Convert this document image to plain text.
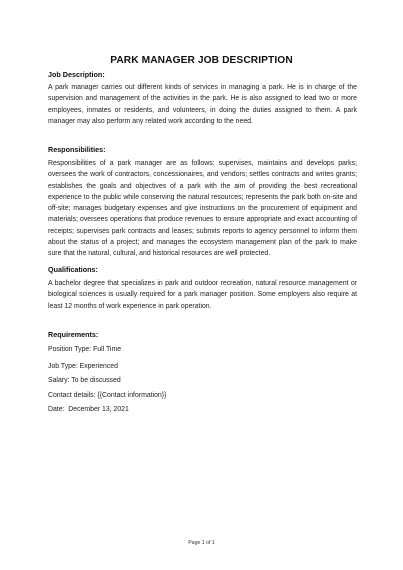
PARK MANAGER JOB DESCRIPTION
Job Description:
A park manager carries out different kinds of services in managing a park. He is in charge of the supervision and management of the activities in the park. He is also assigned to lead two or more employees, inmates or residents, and volunteers, in doing the duties assigned to them. A park manager may also perform any related work according to the need.
Responsibilities:
Responsibilities of a park manager are as follows: supervises, maintains and develops parks; oversees the work of contractors, concessionaires, and vendors; settles contracts and writes grants; establishes the goals and objectives of a park with the aim of providing the best recreational experience to the public while conserving the natural resources; represents the park both on-site and off-site; manages budgetary expenses and give instructions on the procurement of equipment and materials; oversees operations that produce revenues to ensure appropriate and exact accounting of receipts; supervises park contracts and leases; submits reports to agency personnel to inform them about the status of a project; and manages the ecosystem management plan of the park to make sure that the natural, cultural, and historical resources are well protected.
Qualifications:
A bachelor degree that specializes in park and outdoor recreation, natural resource management or biological sciences is usually required for a park manager position. Some employers also require at least 12 months of work experience in park operation.
Requirements:
Position Type: Full Time
Job Type: Experienced
Salary: To be discussed
Contact details: {{Contact information}}
Date:  December 13, 2021
Page 1 of 1
